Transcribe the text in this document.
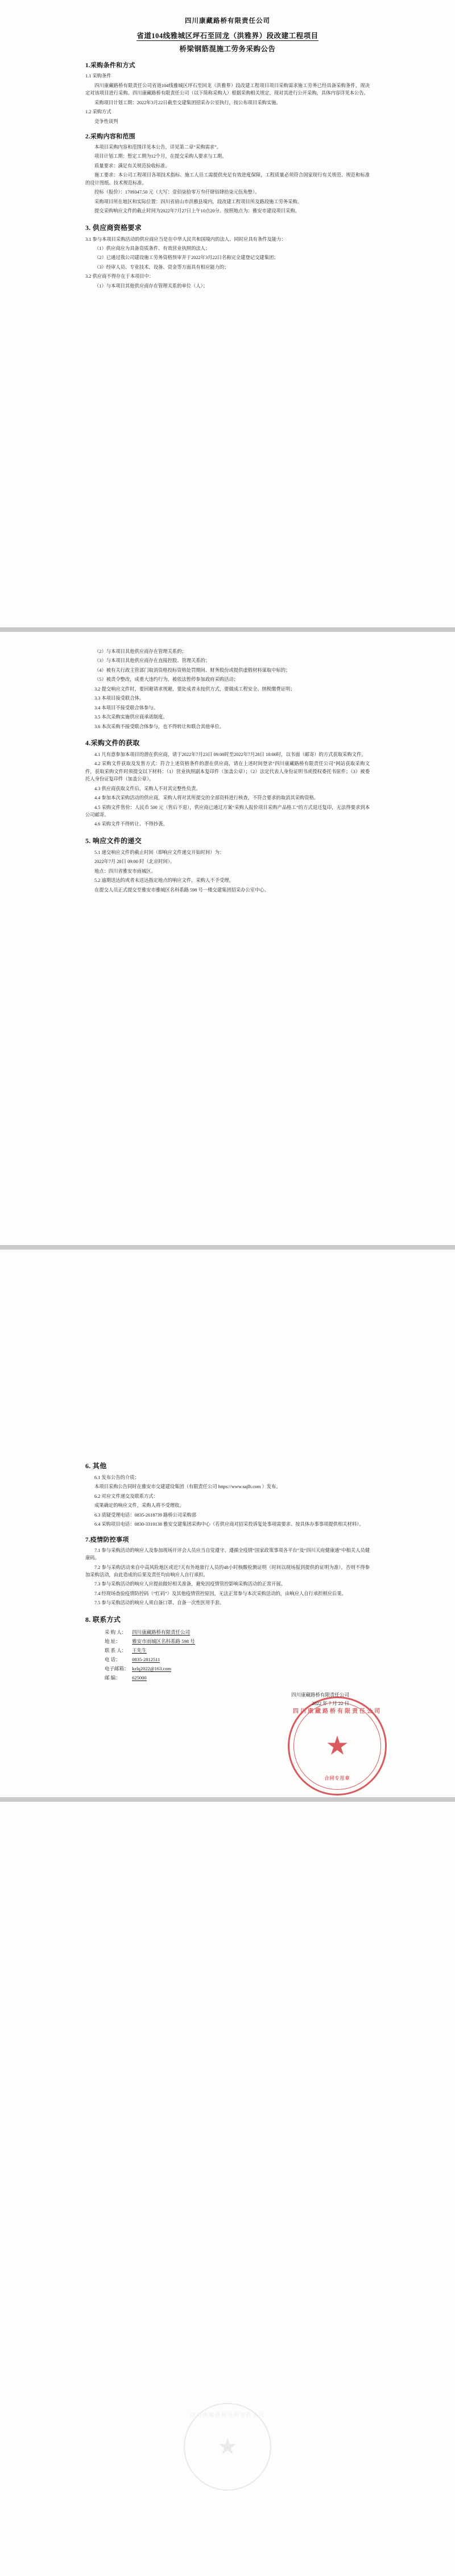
四川康藏路桥有限责任公司
省道104线雅城区坪石至回龙（洪雅界）段改建工程项目
桥梁钢筋混施工劳务采购公告
1.采购条件和方式

1.1 采购条件

四川康藏路桥有限责任公司省道104线雅城区坪石至回龙（洪雅界）段改建工程项目项目采购需求施工劳务已经具备采购条件，现决定对该项目进行采购。四川康藏路桥有限责任公司（以下简称采购人）根据采购相关规定，现对其进行公开采购，具体内容详见本公告。

采购项目计划工期：2022年3月22日截至交建集团招采办公室执行，按公布项目采购实施。

1.2 采购方式

竞争性谈判

2.采购内容和范围

本项目采购内容和范围详见本公告，详见第二章“采购需求”。

项目计划工期：暂定工期为12个月，在提交采购人要求与工期。

质量要求：满足有关规范验收标准。

施工要求：本公司工程项目各项技术指标、施工人员工需提供充足有效进度保障，工程质量必须符合国家现行有关规范、规范和标准的设计图纸、技术规范标准。

投标（报价）：1709347.50 元（大写：壹佰柒拾零万叁仟肆佰肆拾柒元伍角整）。

采购项目所在地区和实际位置：四川省眉山市洪雅县境内，段改建工程项目所及路段施工劳务采购。

提交采购响应文件的截止时间为2022年7月27日上午10点20分。按照地点为：雅安市建设项目采购。

3. 供应商资格要求

3.1 参与本项目采购活动的供应商应当是在中华人民共和国境内的法人、同时应具有条件及能力：

（1）供应商应为具备资质条件、有效营业执照的法人；

（2）已通过我公司建设施工劳务资格预审并于2022年3月22日名称完全建登记交建集团；

（3）经审人员、专业技术、设备、资金等方面具有相应能力的；

3.2 供应商不得存在于本项目中：

（1）与本项目其他供应商存在管理关系的单位（人）；

（2）与本项目其他供应商存在管理关系的；

（3）与本项目其他供应商存在直接控股、管理关系的；

（4）被有关行政主管部门取消资格投标资格处罚期间、财务股份或提供虚假材料谋取中标的；

（5）被责令整改，成重大违约行为，被依法暂停参加政府采购活动；

3.2 提交响应文件时，要回避请求规避，要处成者未按供方式，要做成工程安全、纳税缴费证明；

3.3 本项目接受联合体。

3.4 本项目不接受联合体参与。

3.5 本次采购实施供应商承诺制度。

3.6 本次采购不接受联合体参与，也不得转让和联合其他单位。

4.采购文件的获取

4.1 凡有意参加本项目的潜在供应商，请于2022年7月23日 09:00时至2022年7月28日 18:00时，以书面（邮寄）的方式获取采购文件。

4.2 采购文件获取及发售方式：符合上述资格条件的潜在供应商，请在上述时间登录“四川康藏路桥有限责任公司”网站获取采购文件，获取采购文件时须提交以下材料：（1）营业执照副本复印件（加盖公章）；（2）法定代表人身份证明书或授权委托书原件；（3）被委托人身份证复印件（加盖公章）。

4.3 供应商获取文件后，采购人不对其完整性负责。

4.4 参加本次采购活动的供应商，采购人将对其所提交的全部资料进行核查，不符合要求的取消其采购资格。

4.5 采购文件售价：人民币 500 元（售后不退），供应商已通过方案“采购人报价项目采购产品格工”的方式退还复印，无法得要求到本公司邮寄。

4.6 采购文件不得转让、不得抄袭。

5. 响应文件的递交

5.1 递交响应文件的截止时间（即响应文件递交开始时间）为：

2022年7月 28日 09:00 时（北京时间）。

地点：四川省雅安市雨城区。

5.2 逾期送达的或者未送达指定地点的响应文件，采购人不予受理。

在提交人员正式提交至雅安市雅城区名科系路 598 号一楼交建集团招采办公室中心。

6. 其他

6.1 发布公告的介质：

本项目采购公告同时在雅安市交建建设集团（有限责任公司 https://www.sajlh.com ）发布。

6.2 对应文件递交及联系方式：

成果确定的响应文件，采购人将不受理收。

6.3 质疑受理电话：0835-2618739 路桥公司采购部

6.4 采购项目电话：0830-3310138 雅安交建集团采购中心（若供应商对招采投诉复处事项需要求、按具体办事事项提供相关材料）。

7.疫情防控事项

7.1 参与采购活动的响应人及参加现场开评会人员应当自觉遵守、遵循全疫情“国家政策事项各平台”及“四川天府健康通”中相关人员健康码。

7.2 参与采购活动来自中高风险地区或近7天有外地旅行人员的48小时核酸检测证明（时间以现场报到提供的证明为准），否则不得参加采购活动，由此造成的后果及责任均由响应人自行承担。

7.3 参与采购活动的响应人应提前做好相关准备，避免因疫情管控影响采购活动的正常开展。

7.4 经现场查验疫情防控码（“红码”）及其他疫情管控原因，无法正常参与本次采购活动的，由响应人自行承担相应后果。

7.5 参与采购活动的响应人须自备口罩、自备一次性医用手套。

8. 联系方式
采 购 人： 四川康藏路桥有限责任公司
地 址： 雅安市雨城区名科系路 598 号
联 系 人： 王先生
电 话： 0835-2812511
电子邮箱： kzlq2022@163.com
邮 编： 625000
四川康藏路桥有限责任公司
2022 年 7 月 22 日
四川康藏路桥有限责任公司
★
合同专用章
四川康藏路桥有限责任公司
★
